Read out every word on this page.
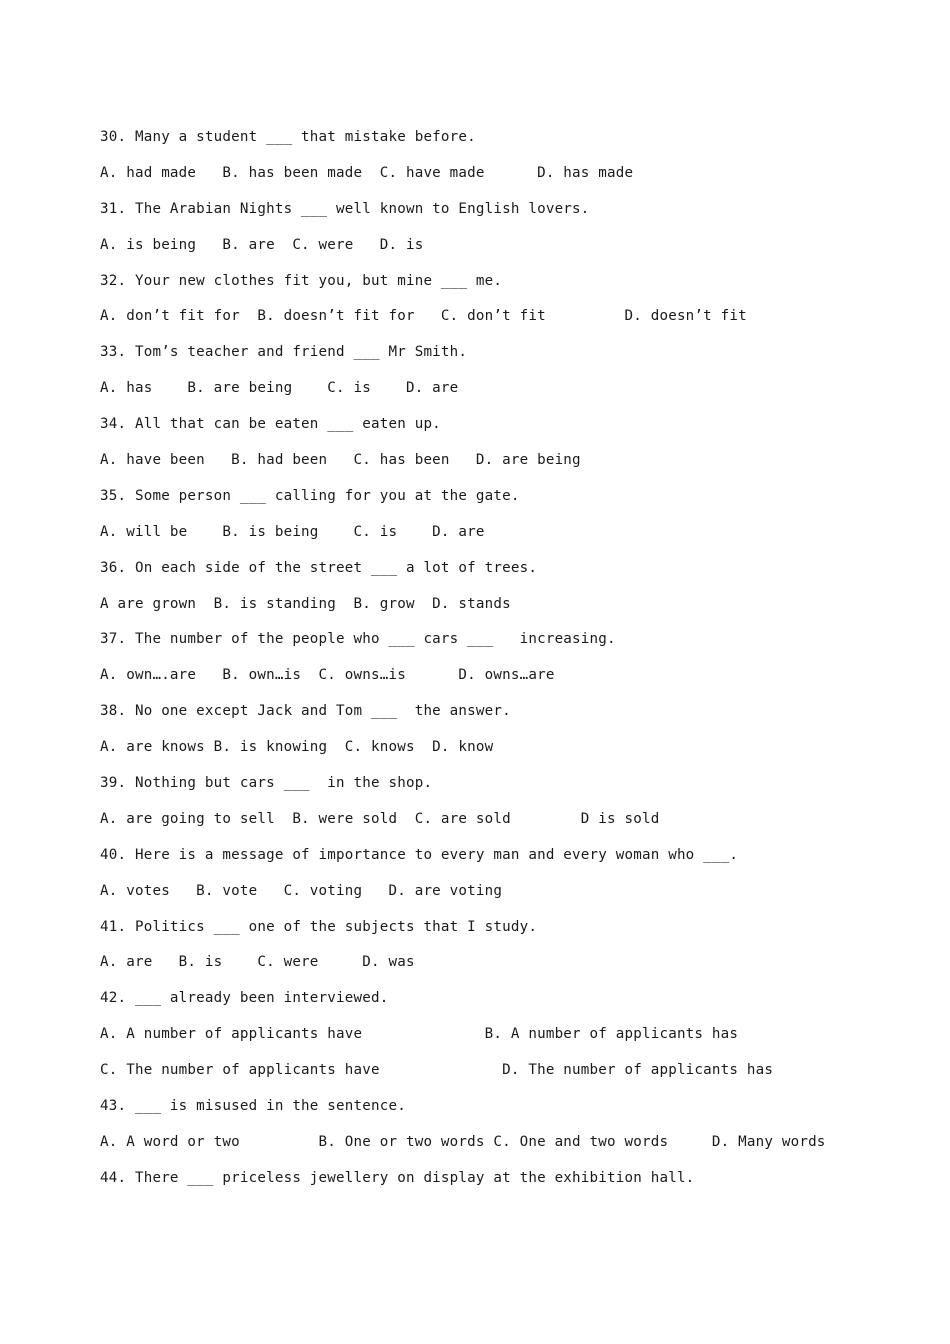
30. Many a student ___ that mistake before.
A. had made   B. has been made  C. have made      D. has made
31. The Arabian Nights ___ well known to English lovers.
A. is being   B. are  C. were   D. is
32. Your new clothes fit you, but mine ___ me.
A. don’t fit for  B. doesn’t fit for   C. don’t fit         D. doesn’t fit
33. Tom’s teacher and friend ___ Mr Smith.
A. has    B. are being    C. is    D. are
34. All that can be eaten ___ eaten up.
A. have been   B. had been   C. has been   D. are being
35. Some person ___ calling for you at the gate.
A. will be    B. is being    C. is    D. are
36. On each side of the street ___ a lot of trees.
A are grown  B. is standing  B. grow  D. stands
37. The number of the people who ___ cars ___   increasing.
A. own….are   B. own…is  C. owns…is      D. owns…are
38. No one except Jack and Tom ___  the answer.
A. are knows B. is knowing  C. knows  D. know
39. Nothing but cars ___  in the shop.
A. are going to sell  B. were sold  C. are sold        D is sold
40. Here is a message of importance to every man and every woman who ___.
A. votes   B. vote   C. voting   D. are voting
41. Politics ___ one of the subjects that I study.
A. are   B. is    C. were     D. was
42. ___ already been interviewed.
A. A number of applicants have              B. A number of applicants has
C. The number of applicants have              D. The number of applicants has
43. ___ is misused in the sentence.
A. A word or two         B. One or two words C. One and two words     D. Many words
44. There ___ priceless jewellery on display at the exhibition hall.
